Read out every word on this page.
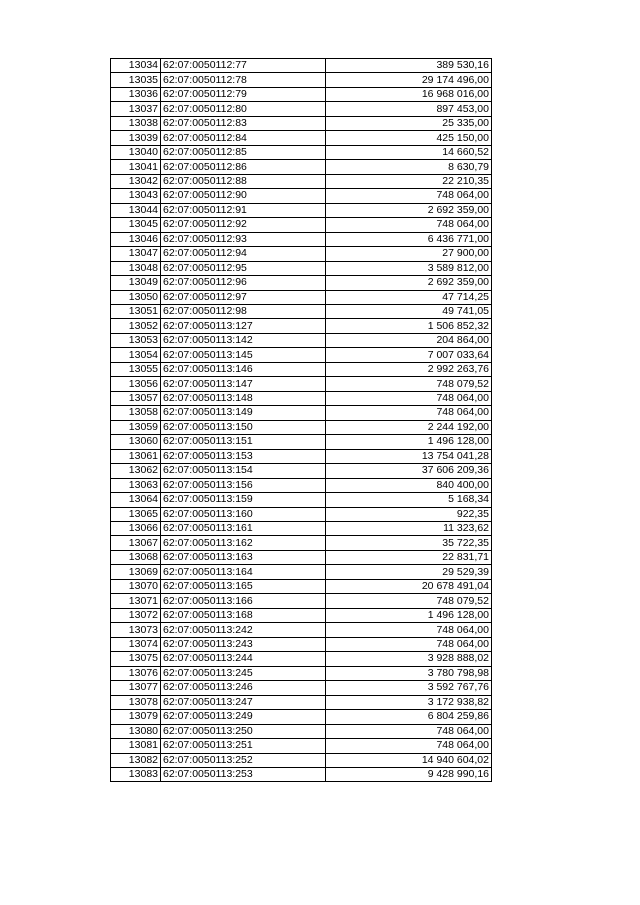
13034	62:07:0050112:77	389 530,16
13035	62:07:0050112:78	29 174 496,00
13036	62:07:0050112:79	16 968 016,00
13037	62:07:0050112:80	897 453,00
13038	62:07:0050112:83	25 335,00
13039	62:07:0050112:84	425 150,00
13040	62:07:0050112:85	14 660,52
13041	62:07:0050112:86	8 630,79
13042	62:07:0050112:88	22 210,35
13043	62:07:0050112:90	748 064,00
13044	62:07:0050112:91	2 692 359,00
13045	62:07:0050112:92	748 064,00
13046	62:07:0050112:93	6 436 771,00
13047	62:07:0050112:94	27 900,00
13048	62:07:0050112:95	3 589 812,00
13049	62:07:0050112:96	2 692 359,00
13050	62:07:0050112:97	47 714,25
13051	62:07:0050112:98	49 741,05
13052	62:07:0050113:127	1 506 852,32
13053	62:07:0050113:142	204 864,00
13054	62:07:0050113:145	7 007 033,64
13055	62:07:0050113:146	2 992 263,76
13056	62:07:0050113:147	748 079,52
13057	62:07:0050113:148	748 064,00
13058	62:07:0050113:149	748 064,00
13059	62:07:0050113:150	2 244 192,00
13060	62:07:0050113:151	1 496 128,00
13061	62:07:0050113:153	13 754 041,28
13062	62:07:0050113:154	37 606 209,36
13063	62:07:0050113:156	840 400,00
13064	62:07:0050113:159	5 168,34
13065	62:07:0050113:160	922,35
13066	62:07:0050113:161	11 323,62
13067	62:07:0050113:162	35 722,35
13068	62:07:0050113:163	22 831,71
13069	62:07:0050113:164	29 529,39
13070	62:07:0050113:165	20 678 491,04
13071	62:07:0050113:166	748 079,52
13072	62:07:0050113:168	1 496 128,00
13073	62:07:0050113:242	748 064,00
13074	62:07:0050113:243	748 064,00
13075	62:07:0050113:244	3 928 888,02
13076	62:07:0050113:245	3 780 798,98
13077	62:07:0050113:246	3 592 767,76
13078	62:07:0050113:247	3 172 938,82
13079	62:07:0050113:249	6 804 259,86
13080	62:07:0050113:250	748 064,00
13081	62:07:0050113:251	748 064,00
13082	62:07:0050113:252	14 940 604,02
13083	62:07:0050113:253	9 428 990,16
